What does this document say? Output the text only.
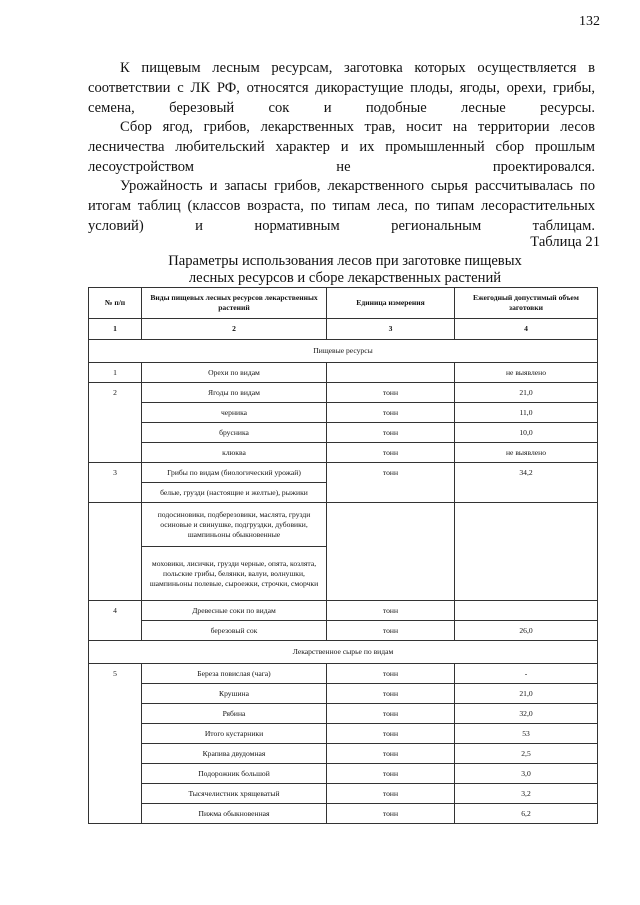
132

К пищевым лесным ресурсам, заготовка которых осуществляется в соответствии с ЛК РФ, относятся дикорастущие плоды, ягоды, орехи, грибы, семена, березовый сок и подобные лесные ресурсы.

Сбор ягод, грибов, лекарственных трав, носит на территории лесов лесничества любительский характер и их промышленный сбор прошлым лесоустройством не проектировался.

Урожайность и запасы грибов, лекарственного сырья рассчитывалась по итогам таблиц (классов возраста, по типам леса, по типам лесорастительных условий) и нормативным региональным таблицам.

Таблица 21
Параметры использования лесов при заготовке пищевых
лесных ресурсов и сборе лекарственных растений
№ п/п	Виды пищевых лесных ресурсов лекарственных растений	Единица измерения	Ежегодный допустимый объем заготовки
1	2	3	4
Пищевые ресурсы			
1	Орехи по видам		не выявлено
2	Ягоды по видам	тонн	21,0
	черника	тонн	11,0
	брусника	тонн	10,0
	клюква	тонн	не выявлено
3	Грибы по видам (биологический урожай)	тонн	34,2
	белые, грузди (настоящие и желтые), рыжики		
	подосиновики, подберезовики, маслята, грузди осиновые и свинушке, подгруздки, дубовики, шампиньоны обыкновенные		
	моховики, лисички, грузди черные, опята, козлята, польские грибы, белянки, валуи, волнушки, шампиньоны полевые, сыроежки, строчки, сморчки		
4	Древесные соки по видам	тонн	
	березовый сок	тонн	26,0
Лекарственное сырье по видам			
5	Береза повислая (чага)	тонн	-
	Крушина	тонн	21,0
	Рябина	тонн	32,0
	Итого кустарники	тонн	53
	Крапива двудомная	тонн	2,5
	Подорожник большой	тонн	3,0
	Тысячелистник хрящеватый	тонн	3,2
	Пижма обыкновенная	тонн	6,2
